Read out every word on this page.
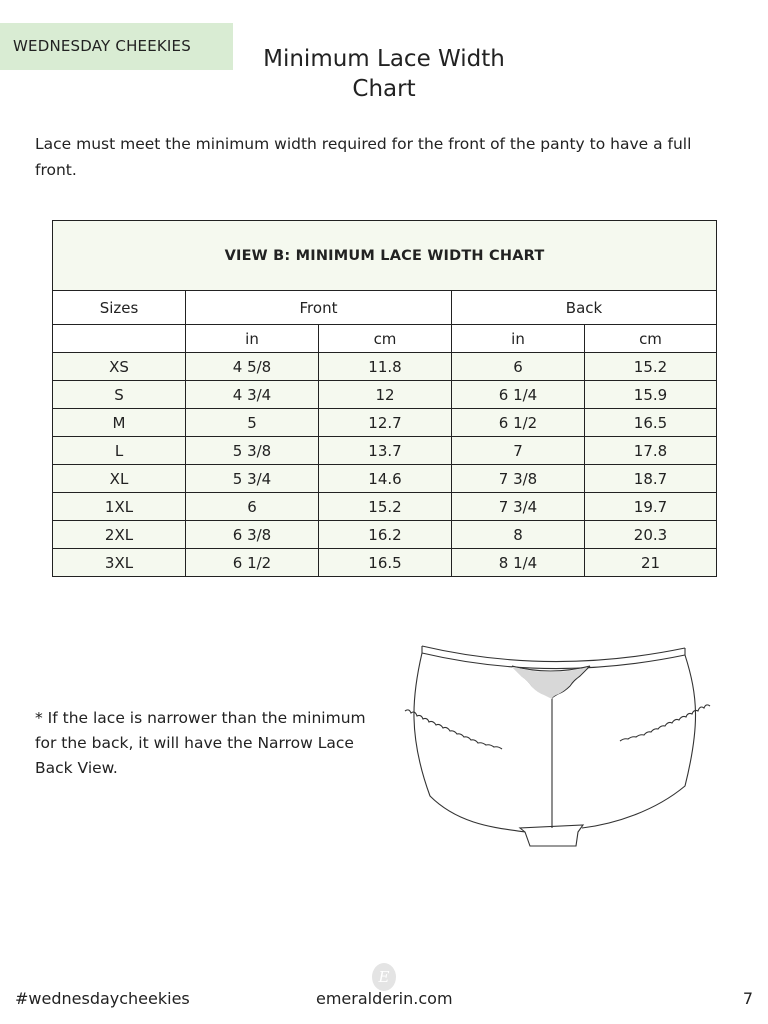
WEDNESDAY CHEEKIES	Minimum Lace Width
Chart
Lace must meet the minimum width required for the front of the panty to have a full front.
VIEW B: MINIMUM LACE WIDTH CHART				
Sizes	Front		Back	
	in	cm	in	cm
XS	4 5/8	11.8	6	15.2
S	4 3/4	12	6 1/4	15.9
M	5	12.7	6 1/2	16.5
L	5 3/8	13.7	7	17.8
XL	5 3/4	14.6	7 3/8	18.7
1XL	6	15.2	7 3/4	19.7
2XL	6 3/8	16.2	8	20.3
3XL	6 1/2	16.5	8 1/4	21
* If the lace is narrower than the minimum for the back, it will have the Narrow Lace Back View.
E
#wednesdaycheekies	emeralderin.com	7
